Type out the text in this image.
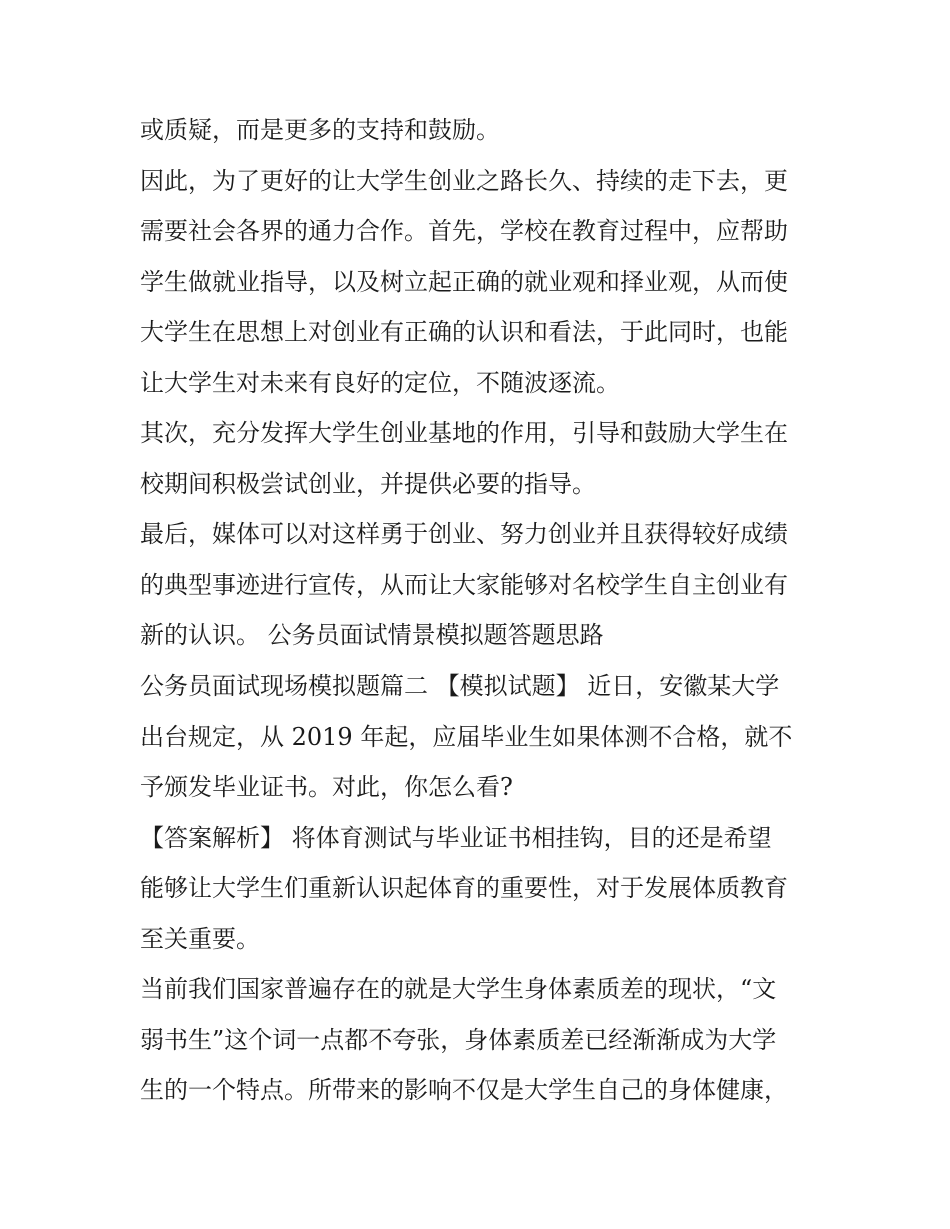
或质疑，而是更多的支持和鼓励。
因此，为了更好的让大学生创业之路长久、持续的走下去，更
需要社会各界的通力合作。首先，学校在教育过程中，应帮助
学生做就业指导，以及树立起正确的就业观和择业观，从而使
大学生在思想上对创业有正确的认识和看法，于此同时，也能
让大学生对未来有良好的定位，不随波逐流。
其次，充分发挥大学生创业基地的作用，引导和鼓励大学生在
校期间积极尝试创业，并提供必要的指导。
最后，媒体可以对这样勇于创业、努力创业并且获得较好成绩
的典型事迹进行宣传，从而让大家能够对名校学生自主创业有
新的认识。 公务员面试情景模拟题答题思路
公务员面试现场模拟题篇二 【模拟试题】 近日，安徽某大学
出台规定，从 2019 年起，应届毕业生如果体测不合格，就不
予颁发毕业证书。对此，你怎么看?
【答案解析】 将体育测试与毕业证书相挂钩，目的还是希望
能够让大学生们重新认识起体育的重要性，对于发展体质教育
至关重要。
当前我们国家普遍存在的就是大学生身体素质差的现状，“文
弱书生”这个词一点都不夸张，身体素质差已经渐渐成为大学
生的一个特点。所带来的影响不仅是大学生自己的身体健康，
